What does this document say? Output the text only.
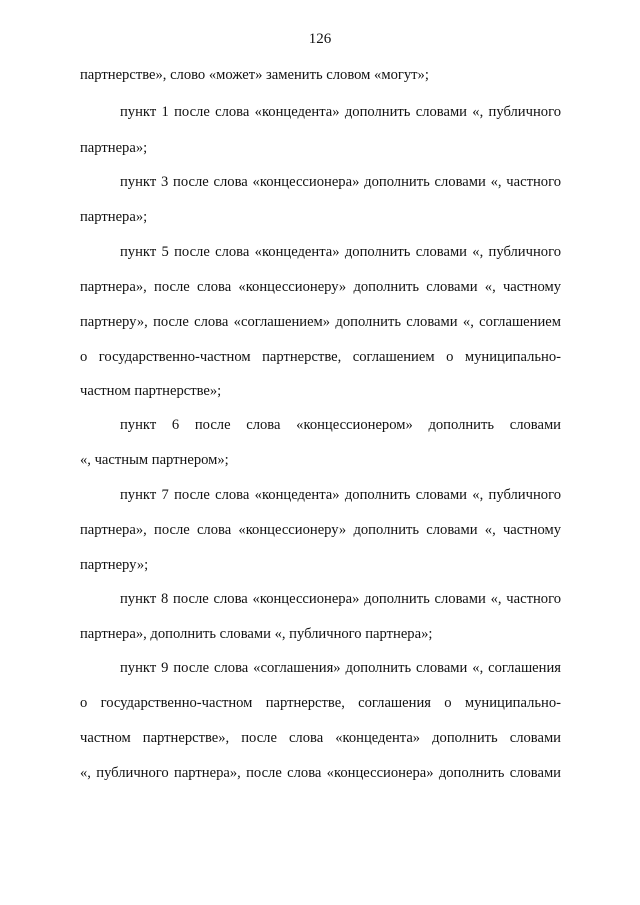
126
партнерстве», слово «может» заменить словом «могут»;
пункт 1 после слова «концедента» дополнить словами «, публичного
партнера»;
пункт 3 после слова «концессионера» дополнить словами «, частного
партнера»;
пункт 5 после слова «концедента» дополнить словами «, публичного
партнера», после слова «концессионеру» дополнить словами «, частному
партнеру», после слова «соглашением» дополнить словами «, соглашением
о государственно-частном партнерстве, соглашением о муниципально-
частном партнерстве»;
пункт 6 после слова «концессионером» дополнить словами
«, частным партнером»;
пункт 7 после слова «концедента» дополнить словами «, публичного
партнера», после слова «концессионеру» дополнить словами «, частному
партнеру»;
пункт 8 после слова «концессионера» дополнить словами «, частного
партнера», дополнить словами «, публичного партнера»;
пункт 9 после слова «соглашения» дополнить словами «, соглашения
о государственно-частном партнерстве, соглашения о муниципально-
частном партнерстве», после слова «концедента» дополнить словами
«, публичного партнера», после слова «концессионера» дополнить словами
